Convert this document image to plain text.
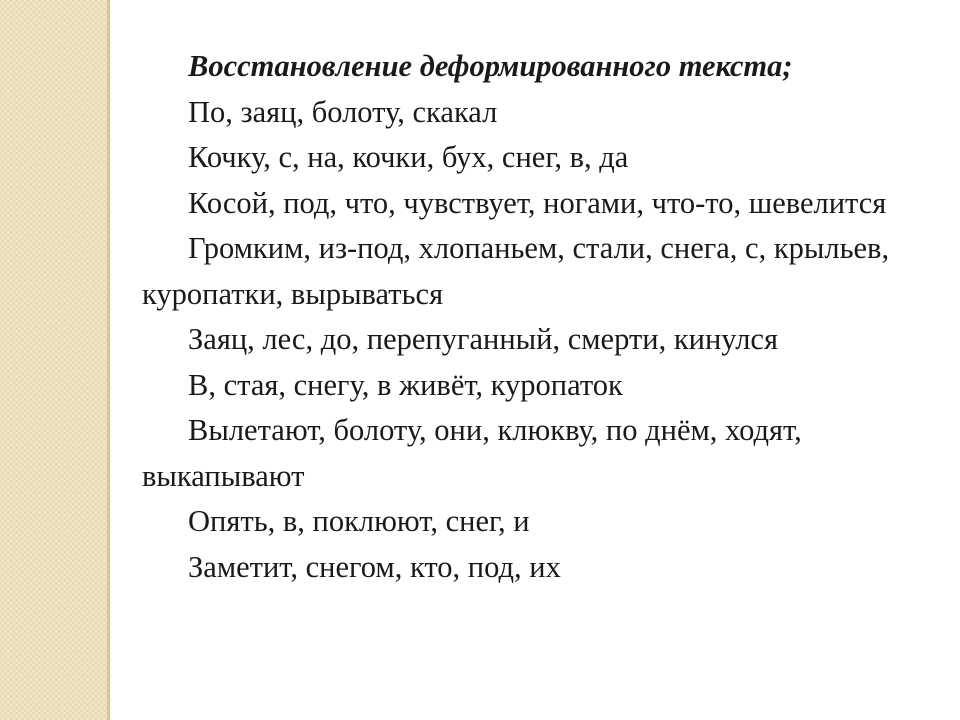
Восстановление деформированного текста;

По, заяц, болоту, скакал

Кочку, с, на, кочки, бух, снег, в, да

Косой, под, что, чувствует, ногами, что-то, шевелится

Громким, из-под, хлопаньем, стали, снега, с, крыльев, куропатки, вырываться

Заяц, лес, до, перепуганный, смерти, кинулся

В, стая, снегу, в живёт, куропаток

Вылетают, болоту, они, клюкву, по днём, ходят, выкапывают

Опять, в, поклюют, снег, и

Заметит, снегом, кто, под, их
